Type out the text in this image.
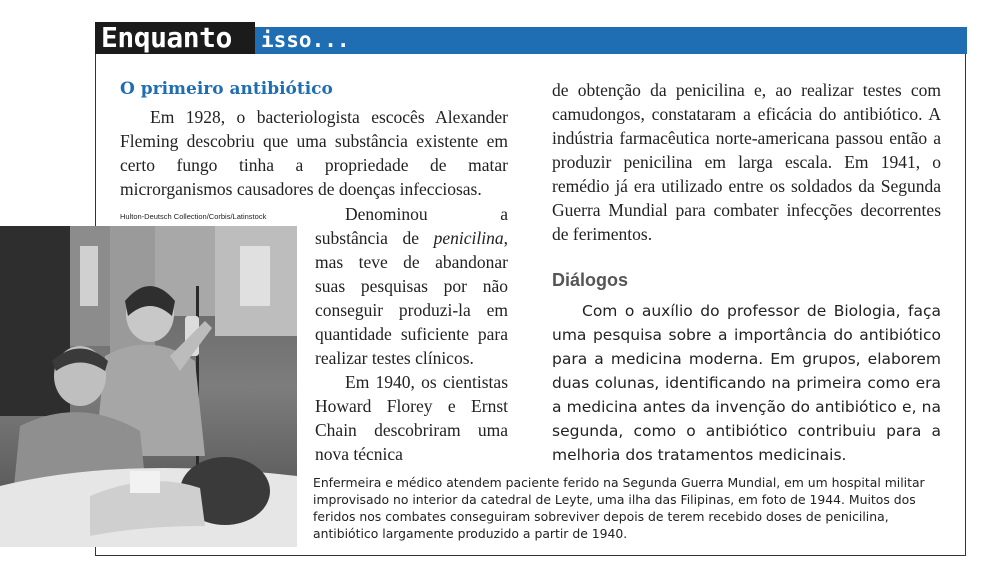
Enquanto isso...
O primeiro antibiótico

Em 1928, o bacteriologista escocês Alexander Fleming descobriu que uma substância existente em certo fungo tinha a propriedade de matar microrganismos causadores de doenças infecciosas.

Hulton-Deutsch Collection/Corbis/Latinstock	Denominou a substância de penicilina, mas teve de abandonar suas pesquisas por não conseguir produzi-la em quantidade suficiente para realizar testes clínicos.

Em 1940, os cientistas Howard Florey e Ernst Chain descobriram uma nova técnica

de obtenção da penicilina e, ao realizar testes com camudongos, constataram a eficácia do antibiótico. A indústria farmacêutica norte-americana passou então a produzir penicilina em larga escala. Em 1941, o remédio já era utilizado entre os soldados da Segunda Guerra Mundial para combater infecções decorrentes de ferimentos.

Diálogos

Com o auxílio do professor de Biologia, faça uma pesquisa sobre a importância do antibiótico para a medicina moderna. Em grupos, elaborem duas colunas, identificando na primeira como era a medicina antes da invenção do antibiótico e, na segunda, como o antibiótico contribuiu para a melhoria dos tratamentos medicinais.

Enfermeira e médico atendem paciente ferido na Segunda Guerra Mundial, em um hospital militar improvisado no interior da catedral de Leyte, uma ilha das Filipinas, em foto de 1944. Muitos dos feridos nos combates conseguiram sobreviver depois de terem recebido doses de penicilina, antibiótico largamente produzido a partir de 1940.
